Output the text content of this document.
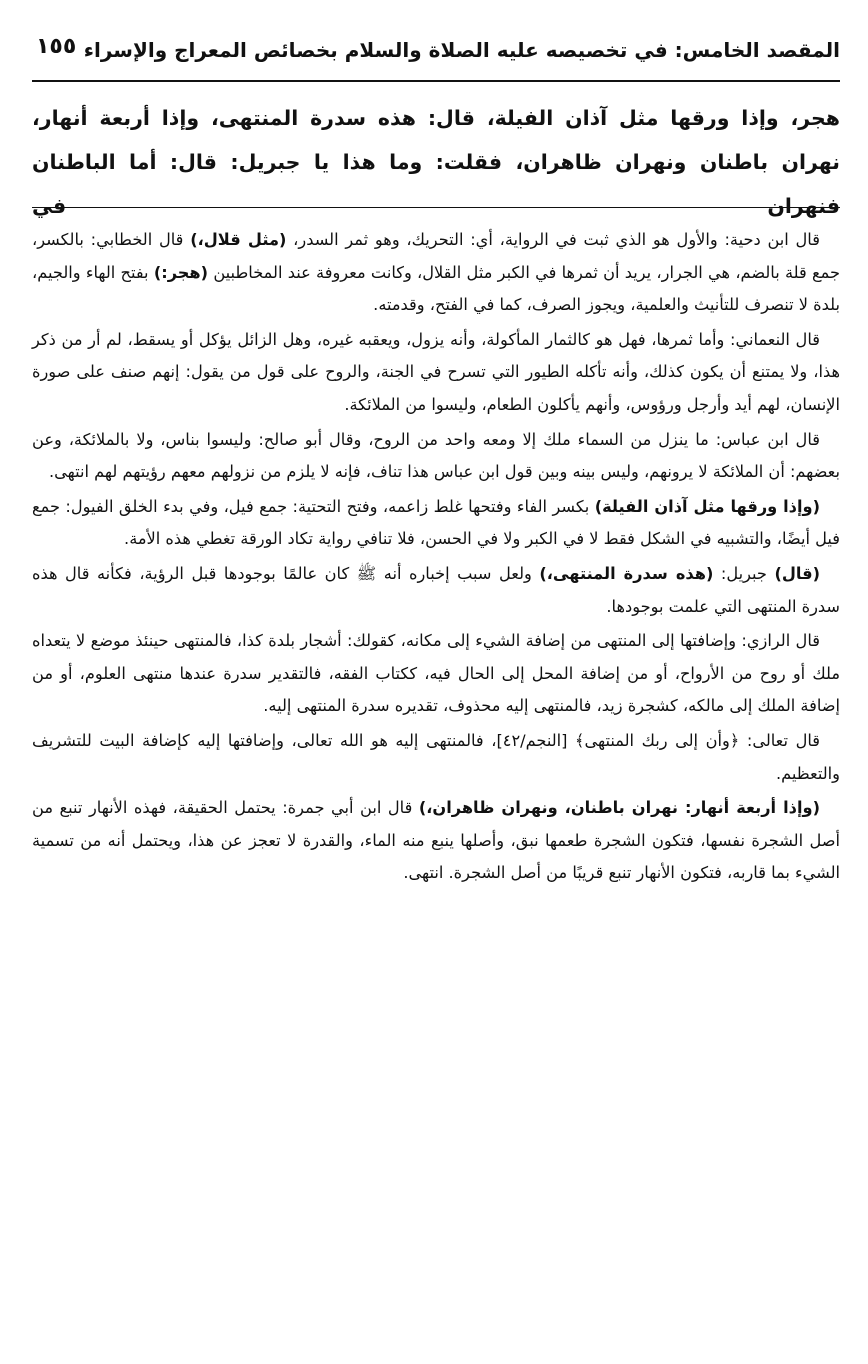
المقصد الخامس: في تخصيصه عليه الصلاة والسلام بخصائص المعراج والإسراء
١٥٥

هجر، وإذا ورقها مثل آذان الفيلة، قال: هذه سدرة المنتهى، وإذا أربعة أنهار، نهران باطنان ونهران ظاهران، فقلت: وما هذا يا جبريل: قال: أما الباطنان فنهران في

قال ابن دحية: والأول هو الذي ثبت في الرواية، أي: التحريك، وهو ثمر السدر، (مثل قلال،) قال الخطابي: بالكسر، جمع قلة بالضم، هي الجرار، يريد أن ثمرها في الكبر مثل القلال، وكانت معروفة عند المخاطبين (هجر:) بفتح الهاء والجيم، بلدة لا تنصرف للتأنيث والعلمية، ويجوز الصرف، كما في الفتح، وقدمته.

قال النعماني: وأما ثمرها، فهل هو كالثمار المأكولة، وأنه يزول، ويعقبه غيره، وهل الزائل يؤكل أو يسقط، لم أر من ذكر هذا، ولا يمتنع أن يكون كذلك، وأنه تأكله الطيور التي تسرح في الجنة، والروح على قول من يقول: إنهم صنف على صورة الإنسان، لهم أيد وأرجل ورؤوس، وأنهم يأكلون الطعام، وليسوا من الملائكة.

قال ابن عباس: ما ينزل من السماء ملك إلا ومعه واحد من الروح، وقال أبو صالح: وليسوا بناس، ولا بالملائكة، وعن بعضهم: أن الملائكة لا يرونهم، وليس بينه وبين قول ابن عباس هذا تناف، فإنه لا يلزم من نزولهم معهم رؤيتهم لهم انتهى.

(وإذا ورقها مثل آذان الفيلة) بكسر الفاء وفتحها غلط زاعمه، وفتح التحتية: جمع فيل، وفي بدء الخلق الفيول: جمع فيل أيضًا، والتشبيه في الشكل فقط لا في الكبر ولا في الحسن، فلا تنافي رواية تكاد الورقة تغطي هذه الأمة.

(قال) جبريل: (هذه سدرة المنتهى،) ولعل سبب إخباره أنه ﷺ كان عالمًا بوجودها قبل الرؤية، فكأنه قال هذه سدرة المنتهى التي علمت بوجودها.

قال الرازي: وإضافتها إلى المنتهى من إضافة الشيء إلى مكانه، كقولك: أشجار بلدة كذا، فالمنتهى حينئذ موضع لا يتعداه ملك أو روح من الأرواح، أو من إضافة المحل إلى الحال فيه، ككتاب الفقه، فالتقدير سدرة عندها منتهى العلوم، أو من إضافة الملك إلى مالكه، كشجرة زيد، فالمنتهى إليه محذوف، تقديره سدرة المنتهى إليه.

قال تعالى: ﴿وأن إلى ربك المنتهى﴾ [النجم/٤٢]، فالمنتهى إليه هو الله تعالى، وإضافتها إليه كإضافة البيت للتشريف والتعظيم.

(وإذا أربعة أنهار: نهران باطنان، ونهران ظاهران،) قال ابن أبي جمرة: يحتمل الحقيقة، فهذه الأنهار تنبع من أصل الشجرة نفسها، فتكون الشجرة طعمها نبق، وأصلها ينبع منه الماء، والقدرة لا تعجز عن هذا، ويحتمل أنه من تسمية الشيء بما قاربه، فتكون الأنهار تنبع قريبًا من أصل الشجرة. انتهى.
